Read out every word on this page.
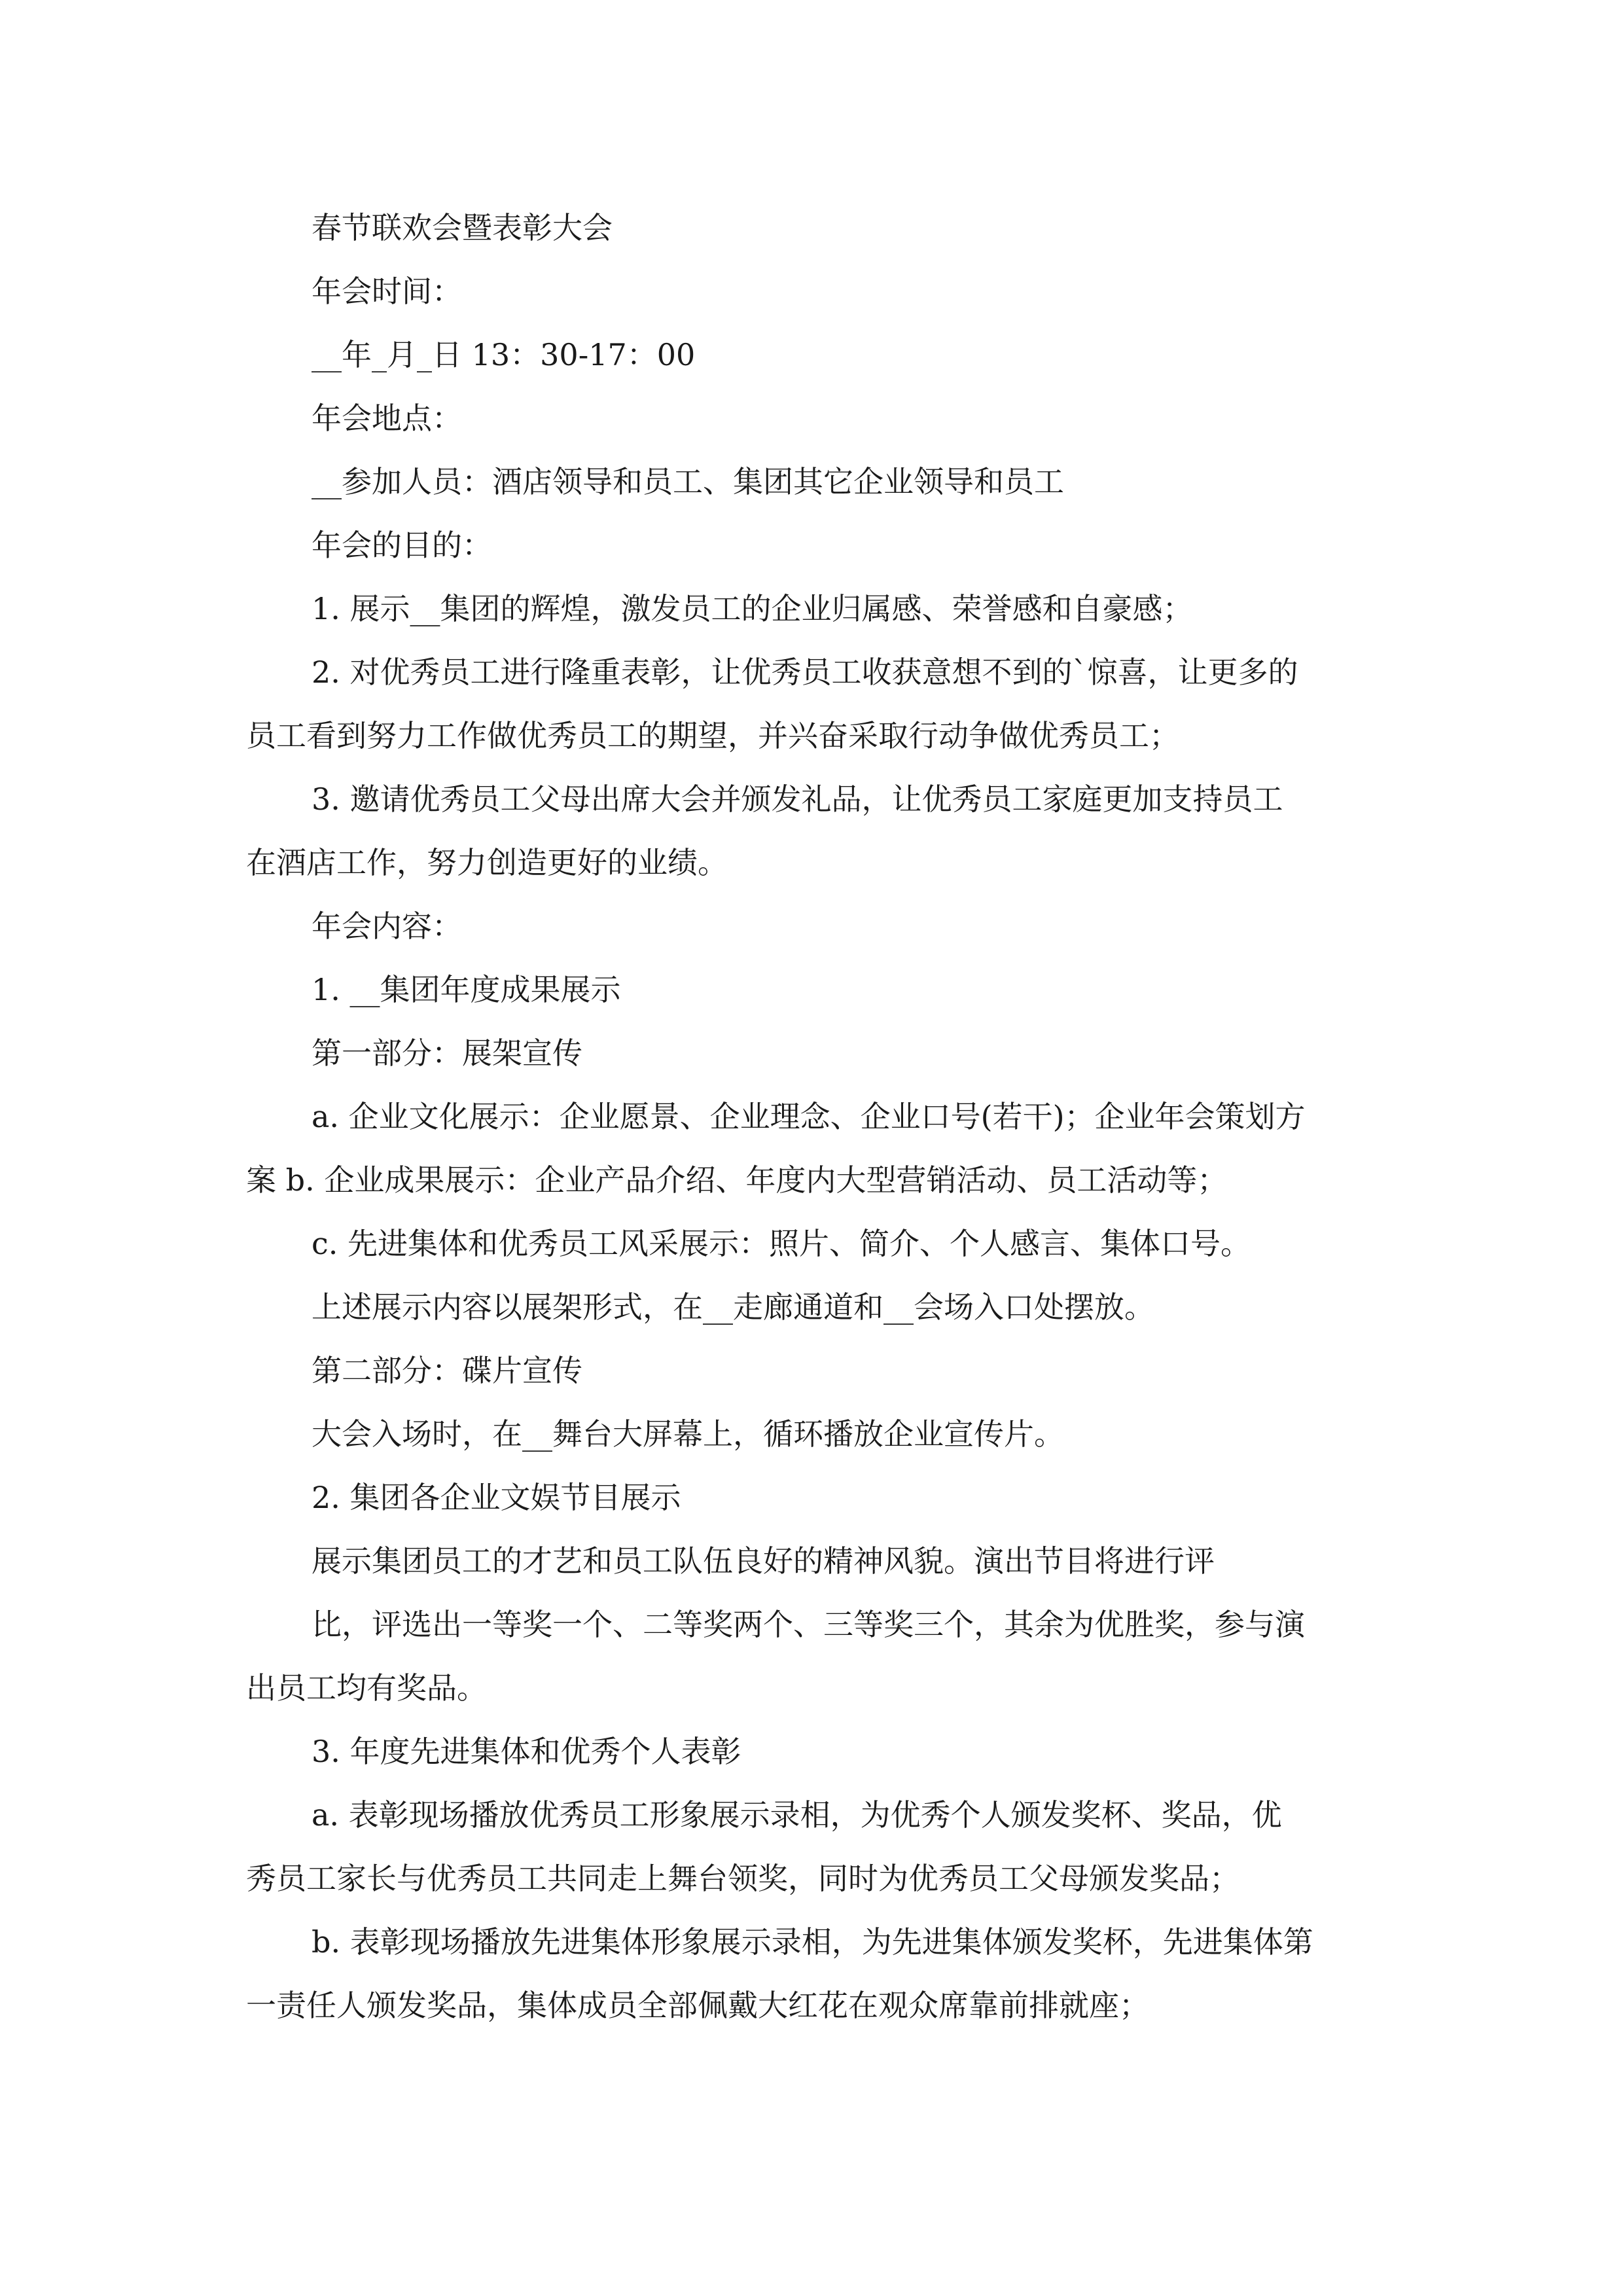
春节联欢会暨表彰大会
年会时间：
__年_月_日 13：30-17：00
年会地点：
__参加人员：酒店领导和员工、集团其它企业领导和员工
年会的目的：
1. 展示__集团的辉煌，激发员工的企业归属感、荣誉感和自豪感；
2. 对优秀员工进行隆重表彰，让优秀员工收获意想不到的`惊喜，让更多的
员工看到努力工作做优秀员工的期望，并兴奋采取行动争做优秀员工；
3. 邀请优秀员工父母出席大会并颁发礼品，让优秀员工家庭更加支持员工
在酒店工作，努力创造更好的业绩。
年会内容：
1. __集团年度成果展示
第一部分：展架宣传
a. 企业文化展示：企业愿景、企业理念、企业口号(若干)；企业年会策划方
案 b. 企业成果展示：企业产品介绍、年度内大型营销活动、员工活动等；
c. 先进集体和优秀员工风采展示：照片、简介、个人感言、集体口号。
上述展示内容以展架形式，在__走廊通道和__会场入口处摆放。
第二部分：碟片宣传
大会入场时，在__舞台大屏幕上，循环播放企业宣传片。
2. 集团各企业文娱节目展示
展示集团员工的才艺和员工队伍良好的精神风貌。演出节目将进行评
比，评选出一等奖一个、二等奖两个、三等奖三个，其余为优胜奖，参与演
出员工均有奖品。
3. 年度先进集体和优秀个人表彰
a. 表彰现场播放优秀员工形象展示录相，为优秀个人颁发奖杯、奖品，优
秀员工家长与优秀员工共同走上舞台领奖，同时为优秀员工父母颁发奖品；
b. 表彰现场播放先进集体形象展示录相，为先进集体颁发奖杯，先进集体第
一责任人颁发奖品，集体成员全部佩戴大红花在观众席靠前排就座；
